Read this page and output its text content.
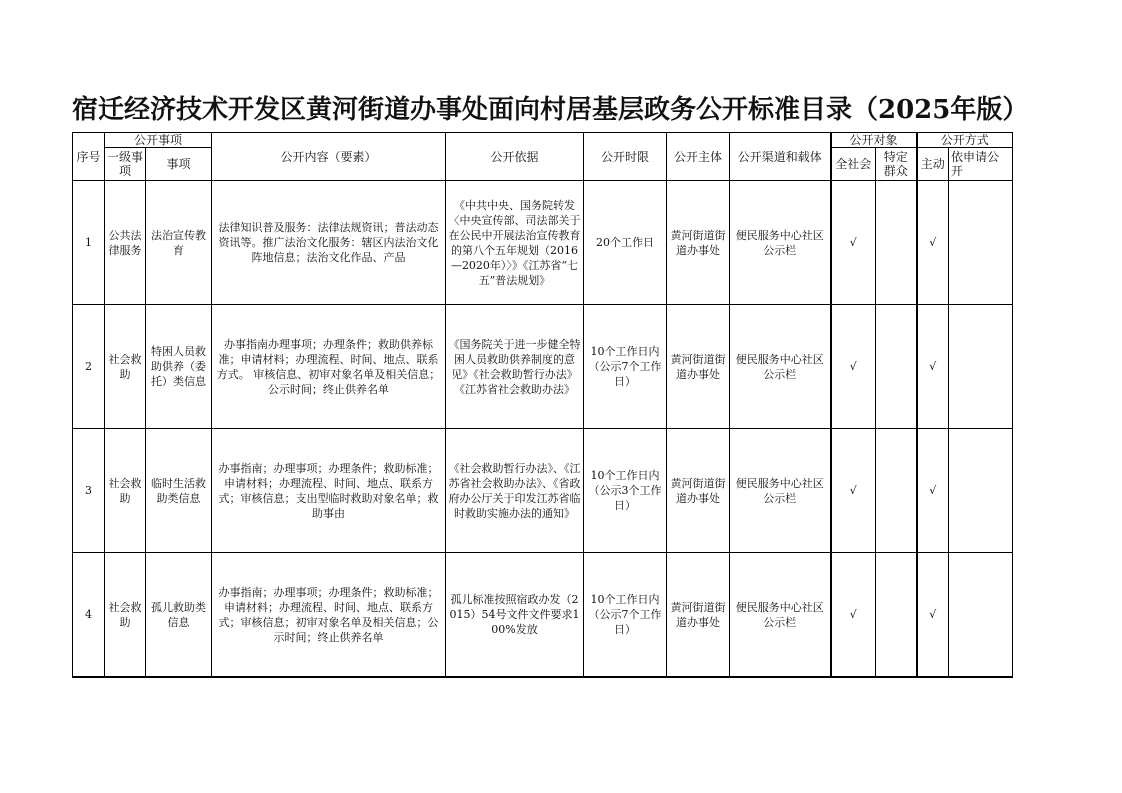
宿迁经济技术开发区黄河街道办事处面向村居基层政务公开标准目录（2025年版）
序号	公开事项		公开内容（要素）	公开依据	公开时限	公开主体	公开渠道和载体	公开对象		公开方式	
	一级事项	事项						全社会	特定群众	主动	依申请公开
1	公共法律服务	法治宣传教育	法律知识普及服务：法律法规资讯；普法动态资讯等。推广法治文化服务：辖区内法治文化阵地信息；法治文化作品、产品	《中共中央、国务院转发〈中央宣传部、司法部关于在公民中开展法治宣传教育的第八个五年规划（2016—2020年）〉》《江苏省“七五”普法规划》	20个工作日	黄河街道街道办事处	便民服务中心社区公示栏	√		√	
2	社会救助	特困人员救助供养（委托）类信息	办事指南办理事项；办理条件；救助供养标准；申请材料；办理流程、时间、地点、联系方式。 审核信息、初审对象名单及相关信息；公示时间；终止供养名单	《国务院关于进一步健全特困人员救助供养制度的意见》《社会救助暂行办法》《江苏省社会救助办法》	10个工作日内（公示7个工作日）	黄河街道街道办事处	便民服务中心社区公示栏	√		√	
3	社会救助	临时生活救助类信息	办事指南；办理事项；办理条件；救助标准；申请材料；办理流程、时间、地点、联系方式；审核信息；支出型临时救助对象名单；救助事由	《社会救助暂行办法》、《江苏省社会救助办法》、《省政府办公厅关于印发江苏省临时救助实施办法的通知》	10个工作日内（公示3个工作日）	黄河街道街道办事处	便民服务中心社区公示栏	√		√	
4	社会救助	孤儿救助类信息	办事指南；办理事项；办理条件；救助标准；申请材料；办理流程、时间、地点、联系方式；审核信息；初审对象名单及相关信息；公示时间；终止供养名单	孤儿标准按照宿政办发（2015）54号文件文件要求100%发放	10个工作日内（公示7个工作日）	黄河街道街道办事处	便民服务中心社区公示栏	√		√	
